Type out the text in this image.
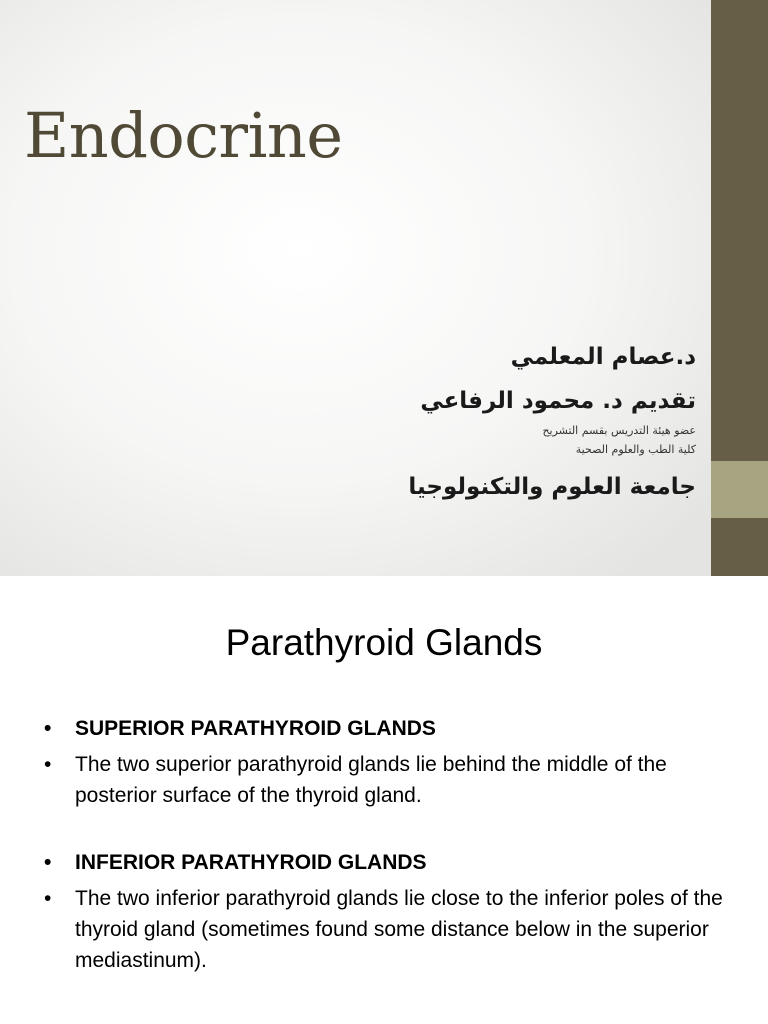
Endocrine
د.عصام المعلمي
تقديم د. محمود الرفاعي
عضو هيئة التدريس بقسم التشريح
كلية الطب والعلوم الصحية
جامعة العلوم والتكنولوجيا
Parathyroid Glands
• SUPERIOR PARATHYROID GLANDS
• The two superior parathyroid glands lie behind the middle of the posterior surface of the thyroid gland.
• INFERIOR PARATHYROID GLANDS
• The two inferior parathyroid glands lie close to the inferior poles of the thyroid gland (sometimes found some distance below in the superior mediastinum).
